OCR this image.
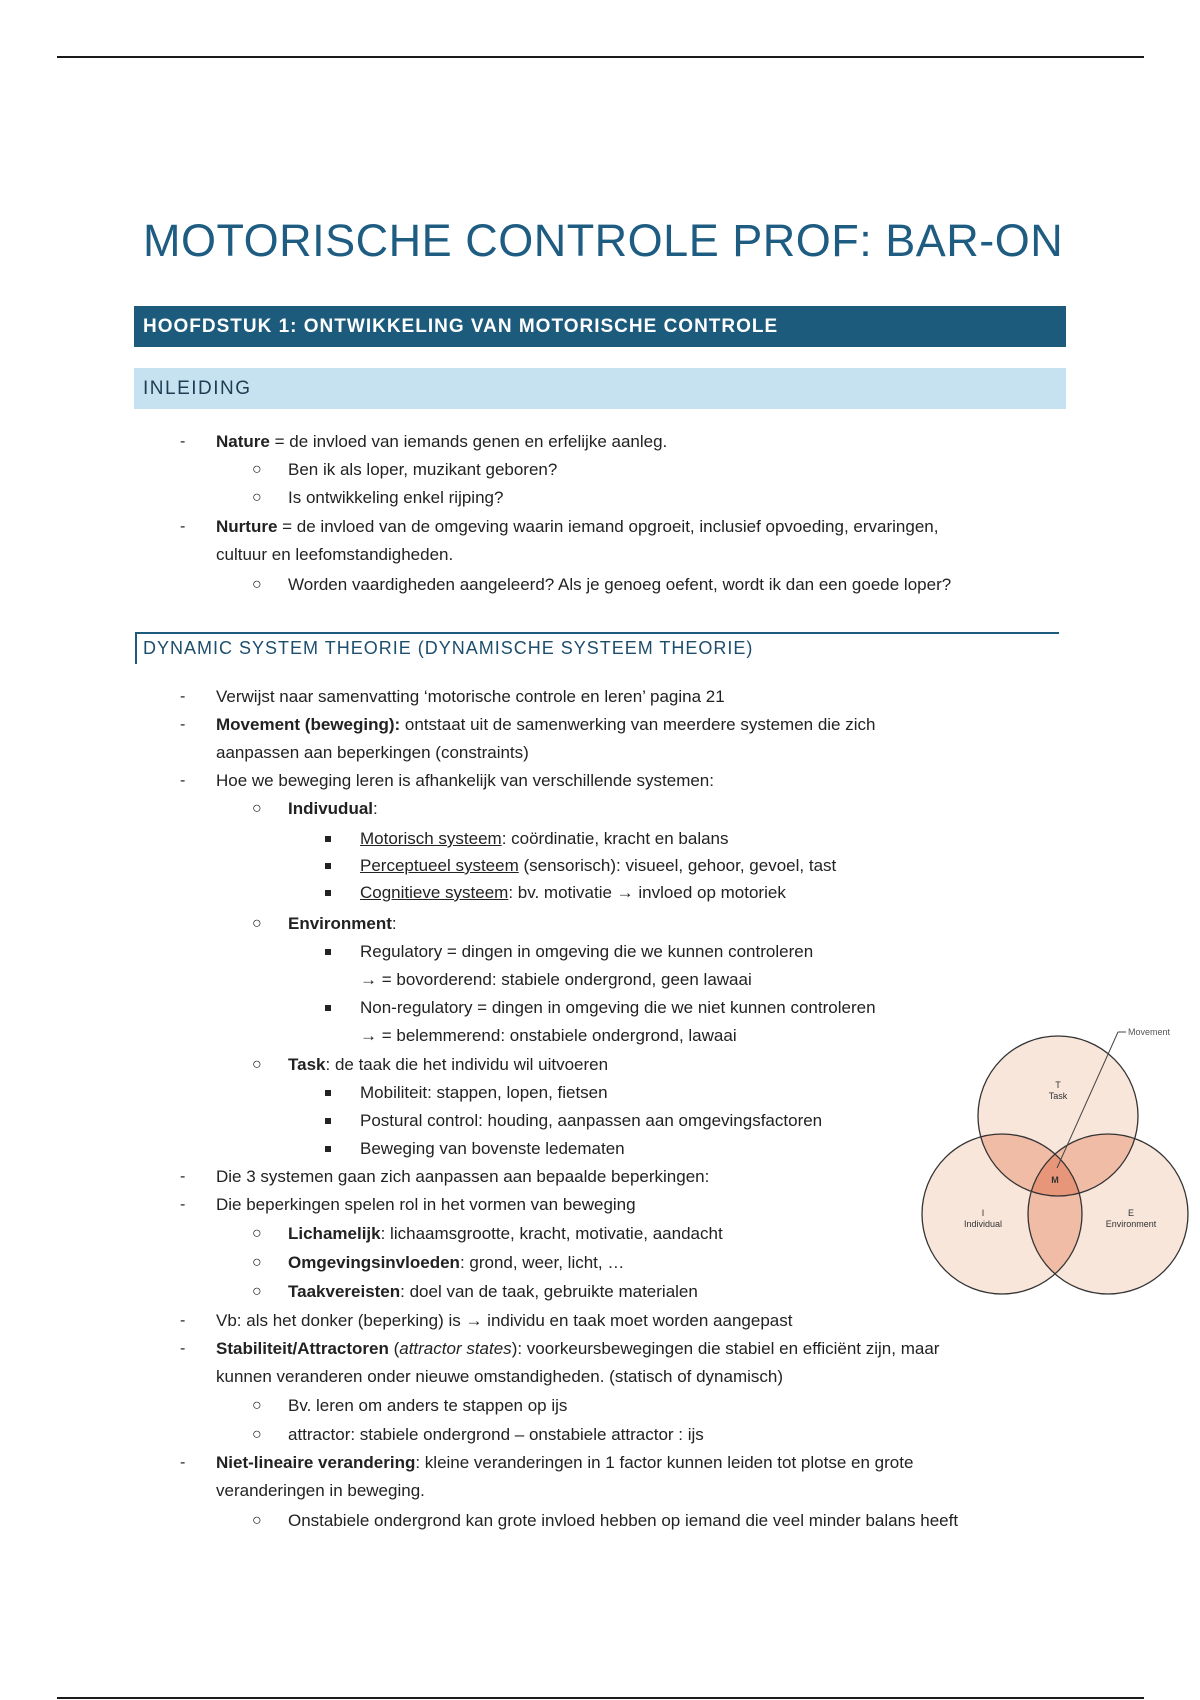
MOTORISCHE CONTROLE PROF: BAR-ON
HOOFDSTUK 1: ONTWIKKELING VAN MOTORISCHE CONTROLE
INLEIDING
- Nature = de invloed van iemands genen en erfelijke aanleg.
○ Ben ik als loper, muzikant geboren?
○ Is ontwikkeling enkel rijping?
- Nurture = de invloed van de omgeving waarin iemand opgroeit, inclusief opvoeding, ervaringen,
cultuur en leefomstandigheden.
○ Worden vaardigheden aangeleerd? Als je genoeg oefent, wordt ik dan een goede loper?
DYNAMIC SYSTEM THEORIE (DYNAMISCHE SYSTEEM THEORIE)
- Verwijst naar samenvatting ‘motorische controle en leren’ pagina 21
- Movement (beweging): ontstaat uit de samenwerking van meerdere systemen die zich
aanpassen aan beperkingen (constraints)
- Hoe we beweging leren is afhankelijk van verschillende systemen:
○ Indivudual:
Motorisch systeem: coördinatie, kracht en balans
Perceptueel systeem (sensorisch): visueel, gehoor, gevoel, tast
Cognitieve systeem: bv. motivatie → invloed op motoriek
○ Environment:
Regulatory = dingen in omgeving die we kunnen controleren
→ = bovorderend: stabiele ondergrond, geen lawaai
Non-regulatory = dingen in omgeving die we niet kunnen controleren
→ = belemmerend: onstabiele ondergrond, lawaai
○ Task: de taak die het individu wil uitvoeren
Mobiliteit: stappen, lopen, fietsen
Postural control: houding, aanpassen aan omgevingsfactoren
Beweging van bovenste ledematen
- Die 3 systemen gaan zich aanpassen aan bepaalde beperkingen:
- Die beperkingen spelen rol in het vormen van beweging
○ Lichamelijk: lichaamsgrootte, kracht, motivatie, aandacht
○ Omgevingsinvloeden: grond, weer, licht, …
○ Taakvereisten: doel van de taak, gebruikte materialen
- Vb: als het donker (beperking) is → individu en taak moet worden aangepast
- Stabiliteit/Attractoren (attractor states): voorkeursbewegingen die stabiel en efficiënt zijn, maar
kunnen veranderen onder nieuwe omstandigheden. (statisch of dynamisch)
○ Bv. leren om anders te stappen op ijs
○ attractor: stabiele ondergrond – onstabiele attractor : ijs
- Niet-lineaire verandering: kleine veranderingen in 1 factor kunnen leiden tot plotse en grote
veranderingen in beweging.
○ Onstabiele ondergrond kan grote invloed hebben op iemand die veel minder balans heeft
Movement
T
Task
I
Individual
E
Environment
M
